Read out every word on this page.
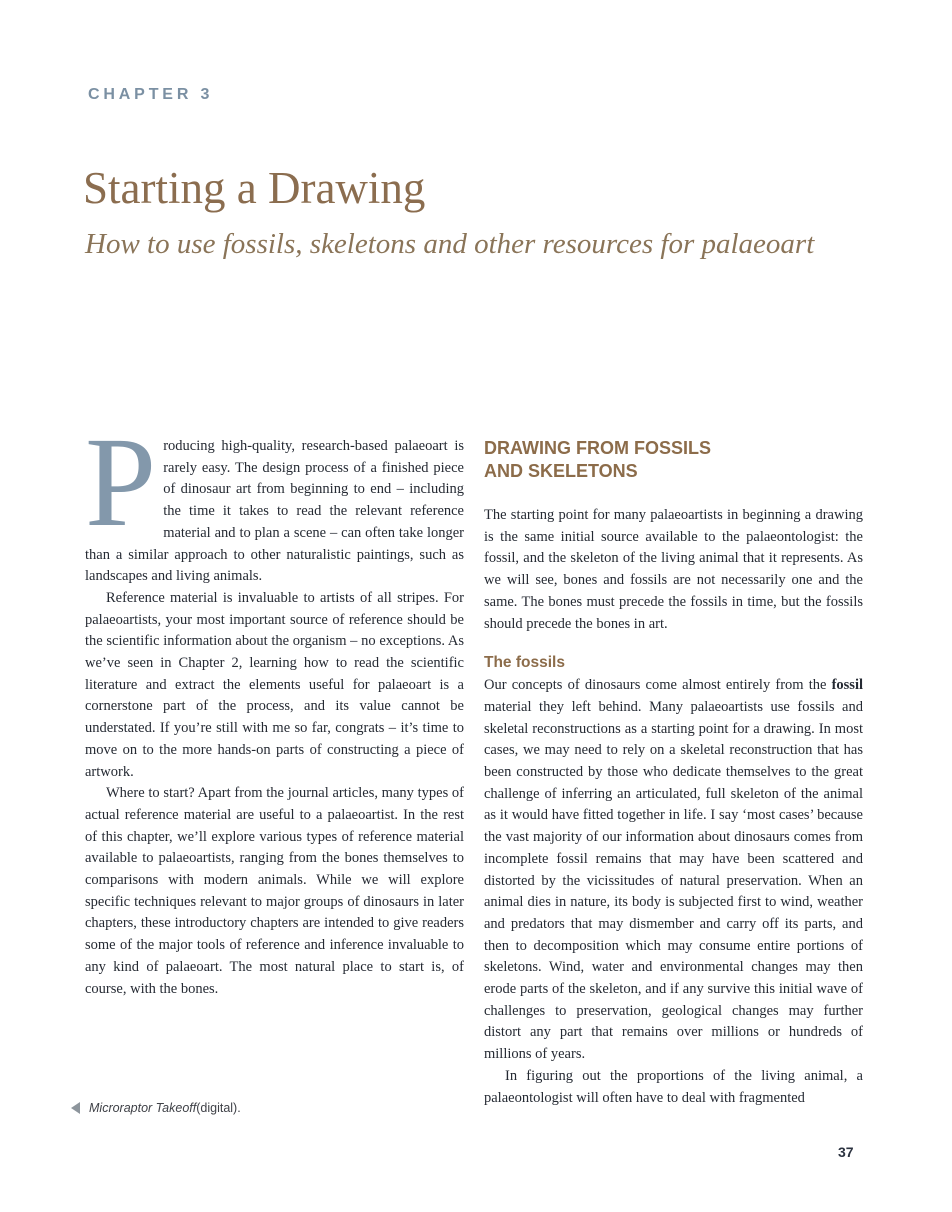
CHAPTER 3
Starting a Drawing
How to use fossils, skeletons and other resources for palaeoart

Producing high-quality, research-based palaeoart is rarely easy. The design process of a finished piece of dinosaur art from beginning to end – including the time it takes to read the relevant reference material and to plan a scene – can often take longer than a similar approach to other naturalistic paintings, such as landscapes and living animals.

Reference material is invaluable to artists of all stripes. For palaeoartists, your most important source of reference should be the scientific information about the organism – no exceptions. As we’ve seen in Chapter 2, learning how to read the scientific literature and extract the elements useful for palaeoart is a cornerstone part of the process, and its value cannot be understated. If you’re still with me so far, congrats – it’s time to move on to the more hands-on parts of constructing a piece of artwork.

Where to start? Apart from the journal articles, many types of actual reference material are useful to a palaeoartist. In the rest of this chapter, we’ll explore various types of reference material available to palaeoartists, ranging from the bones themselves to comparisons with modern animals. While we will explore specific techniques relevant to major groups of dinosaurs in later chapters, these introductory chapters are intended to give readers some of the major tools of reference and inference invaluable to any kind of palaeoart. The most natural place to start is, of course, with the bones.

DRAWING FROM FOSSILS
AND SKELETONS

The starting point for many palaeoartists in beginning a drawing is the same initial source available to the palaeontologist: the fossil, and the skeleton of the living animal that it represents. As we will see, bones and fossils are not necessarily one and the same. The bones must precede the fossils in time, but the fossils should precede the bones in art.

The fossils

Our concepts of dinosaurs come almost entirely from the fossil material they left behind. Many palaeoartists use fossils and skeletal reconstructions as a starting point for a drawing. In most cases, we may need to rely on a skeletal reconstruction that has been constructed by those who dedicate themselves to the great challenge of inferring an articulated, full skeleton of the animal as it would have fitted together in life. I say ‘most cases’ because the vast majority of our information about dinosaurs comes from incomplete fossil remains that may have been scattered and distorted by the vicissitudes of natural preservation. When an animal dies in nature, its body is subjected first to wind, weather and predators that may dismember and carry off its parts, and then to decomposition which may consume entire portions of skeletons. Wind, water and environmental changes may then erode parts of the skeleton, and if any survive this initial wave of challenges to preservation, geological changes may further distort any part that remains over millions or hundreds of millions of years.

In figuring out the proportions of the living animal, a palaeontologist will often have to deal with fragmented

Microraptor Takeoff (digital).
37
